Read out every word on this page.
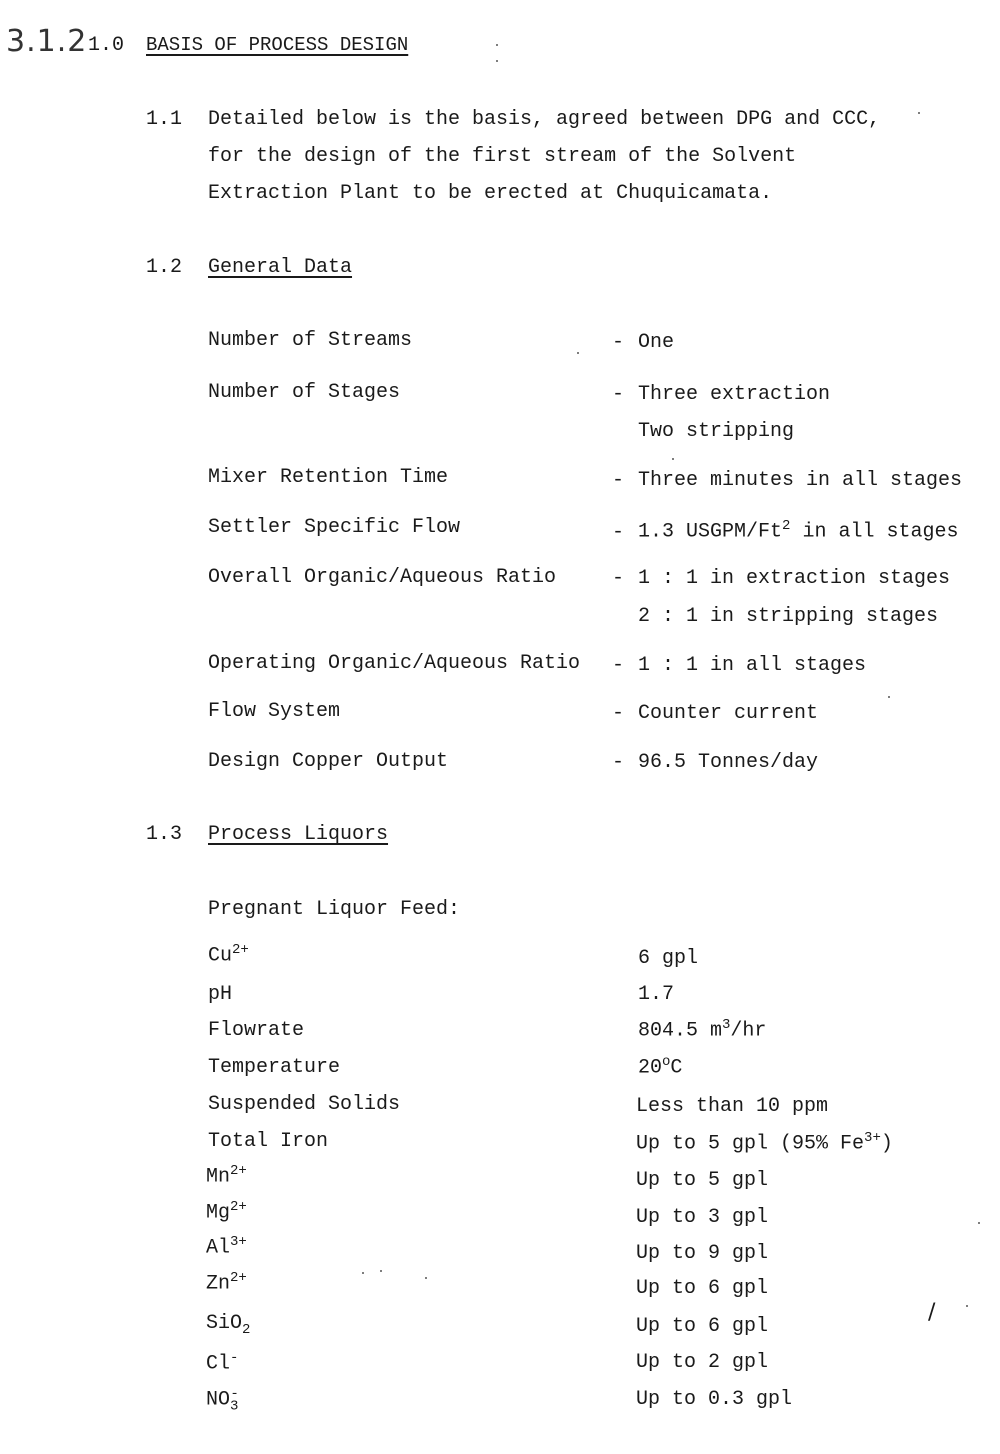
3.1.2 1.0 BASIS OF PROCESS DESIGN
1.1 Detailed below is the basis, agreed between DPG and CCC,
for the design of the first stream of the Solvent
Extraction Plant to be erected at Chuquicamata.
1.2 General Data
Number of Streams	- One
Number of Stages	- Three extraction
Two stripping
Mixer Retention Time	- Three minutes in all stages
Settler Specific Flow	- 1.3 USGPM/Ft$^2$ in all stages
Overall Organic/Aqueous Ratio	- 1 : 1 in extraction stages
2 : 1 in stripping stages
Operating Organic/Aqueous Ratio - 1 : 1 in all stages
Flow System	- Counter current
Design Copper Output	- 96.5 Tonnes/day
1.3 Process Liquors
Pregnant Liquor Feed:
$Cu^{2+}$	6 gpl
pH	1.7
Flowrate	804.5 $m^3/hr$
Temperature	20$^o$C
Suspended Solids	Less than 10 ppm
Total Iron	Up to 5 gpl (95% $Fe^{3+}$)
$Mn^{2+}$	Up to 5 gpl
$Mg^{2+}$	Up to 3 gpl
$Al^{3+}$	Up to 9 gpl
$Zn^{2+}$	Up to 6 gpl
SiO$_2$	Up to 6 gpl
Cl-	Up to 2 gpl
$NO_3^-$	Up to 0.3 gpl
/
